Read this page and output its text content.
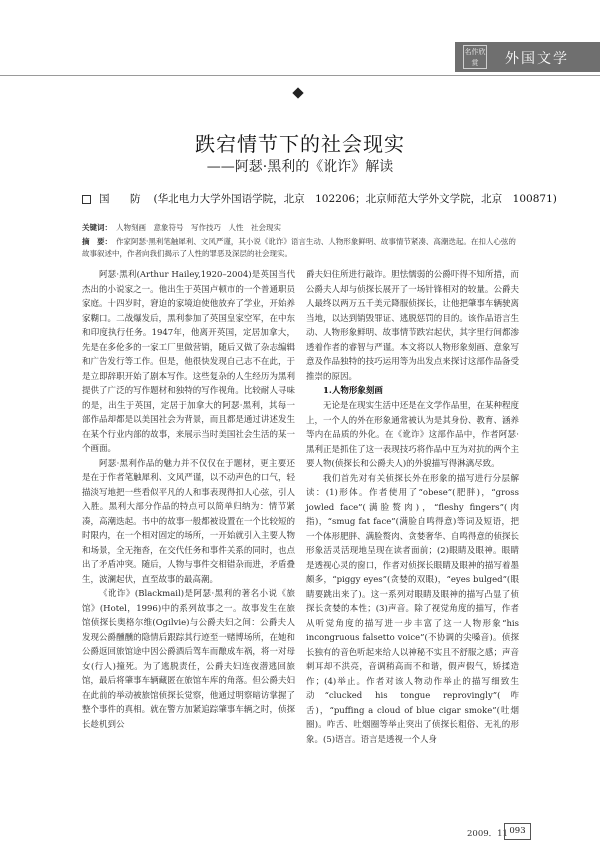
名作欣赏	外国文学
跌宕情节下的社会现实
——阿瑟·黑利的《讹诈》解读
国　防 (华北电力大学外国语学院，北京　102206；北京师范大学外文学院，北京　100871)
关键词： 人物刻画　意象符号　写作技巧　人性　社会现实
摘　要： 作家阿瑟·黑利笔触犀利、文风严谨，其小说《讹诈》语言生动、人物形象鲜明、故事情节紧凑、高潮迭起。在扣人心弦的故事叙述中，作者向我们揭示了人性的罪恶及深层的社会现实。

阿瑟·黑利(Arthur Hailey,1920–2004)是英国当代杰出的小说家之一。他出生于英国卢顿市的一个普通职员家庭。十四岁时，窘迫的家境迫使他放弃了学业，开始养家糊口。二战爆发后，黑利参加了英国皇家空军，在中东和印度执行任务。1947年，他离开英国，定居加拿大，先是在多伦多的一家工厂里做营销，随后又做了杂志编辑和广告发行等工作。但是，他很快发现自己志不在此，于是立即辞职开始了剧本写作。这些复杂的人生经历为黑利提供了广泛的写作题材和独特的写作视角。比较耐人寻味的是，出生于英国，定居于加拿大的阿瑟·黑利，其每一部作品却都是以美国社会为背景，而且都是通过讲述发生在某个行业内部的故事，来展示当时美国社会生活的某一个画面。

阿瑟·黑利作品的魅力并不仅仅在于题材，更主要还是在于作者笔触犀利、文风严谨，以不动声色的口气，轻描淡写地把一些看似平凡的人和事表现得扣人心弦，引人入胜。黑利大部分作品的特点可以简单归纳为：情节紧凑，高潮迭起。书中的故事一般都被设置在一个比较短的时限内，在一个相对固定的场所，一开始就引入主要人物和场景，全无拖沓，在交代任务和事件关系的同时，也点出了矛盾冲突。随后，人物与事件交相错杂而进，矛盾叠生，波澜起伏，直至故事的最高潮。

《讹诈》(Blackmail)是阿瑟·黑利的著名小说《旅馆》(Hotel，1996)中的系列故事之一。故事发生在旅馆侦探长奥格尔维(Ogilvie)与公爵夫妇之间：公爵夫人发现公爵醺醺的隐情后跟踪其行迹至一赌博场所，在她和公爵返回旅馆途中因公爵酒后驾车而酿成车祸，将一对母女(行人)撞死。为了逃脱责任，公爵夫妇连夜潜逃回旅馆，最后将肇事车辆藏匿在旅馆车库的角落。但公爵夫妇在此前的举动被旅馆侦探长觉察，他通过明察暗访掌握了整个事件的真相。就在警方加紧追踪肇事车辆之时，侦探长趁机到公

爵夫妇住所进行敲诈。胆怯懦弱的公爵吓得不知所措，而公爵夫人却与侦探长展开了一场针锋相对的较量。公爵夫人最终以两万五千美元降服侦探长，让他把肇事车辆驶离当地，以达到销毁罪证、逃脱惩罚的目的。该作品语言生动、人物形象鲜明、故事情节跌宕起伏，其字里行间都渗透着作者的睿智与严谨。本文将以人物形象刻画、意象写意及作品独特的技巧运用等为出发点来探讨这部作品备受推崇的原因。

1.人物形象刻画

无论是在现实生活中还是在文学作品里，在某种程度上，一个人的外在形象通常被认为是其身份、教育、涵养等内在品质的外化。在《讹诈》这部作品中，作者阿瑟·黑利正是抓住了这一表现技巧将作品中互为对抗的两个主要人物(侦探长和公爵夫人)的外貌描写得淋漓尽致。

我们首先对有关侦探长外在形象的描写进行分层解读：(1)形体。作者使用了“obese”(肥胖)，“gross jowled face”(满脸赘肉)，“fleshy fingers”(肉指)，“smug fat face”(满脸自鸣得意)等词及短语，把一个体形肥胖、满脸赘肉、贪婪奢华、自鸣得意的侦探长形象活灵活现地呈现在读者面前；(2)眼睛及眼神。眼睛是透视心灵的窗口，作者对侦探长眼睛及眼神的描写着墨颇多，“piggy eyes”(贪婪的双眼)，“eyes bulged”(眼睛要跳出来了)。这一系列对眼睛及眼神的描写凸显了侦探长贪婪的本性；(3)声音。除了视觉角度的描写，作者从听觉角度的描写进一步丰富了这一人物形象“his incongruous falsetto voice”(不协调的尖嗓音)。侦探长独有的音色听起来给人以神秘不实且不舒服之感；声音刺耳却不洪亮，音调稍高而不和谐，假声假气，矫揉造作；(4)举止。作者对该人物动作举止的描写细致生动“clucked his tongue reprovingly”(咋舌)，“puffing a cloud of blue cigar smoke”(吐烟圈)。咋舌、吐烟圈等举止突出了侦探长粗俗、无礼的形象。(5)语言。语言是透视一个人身

2009．11 093
